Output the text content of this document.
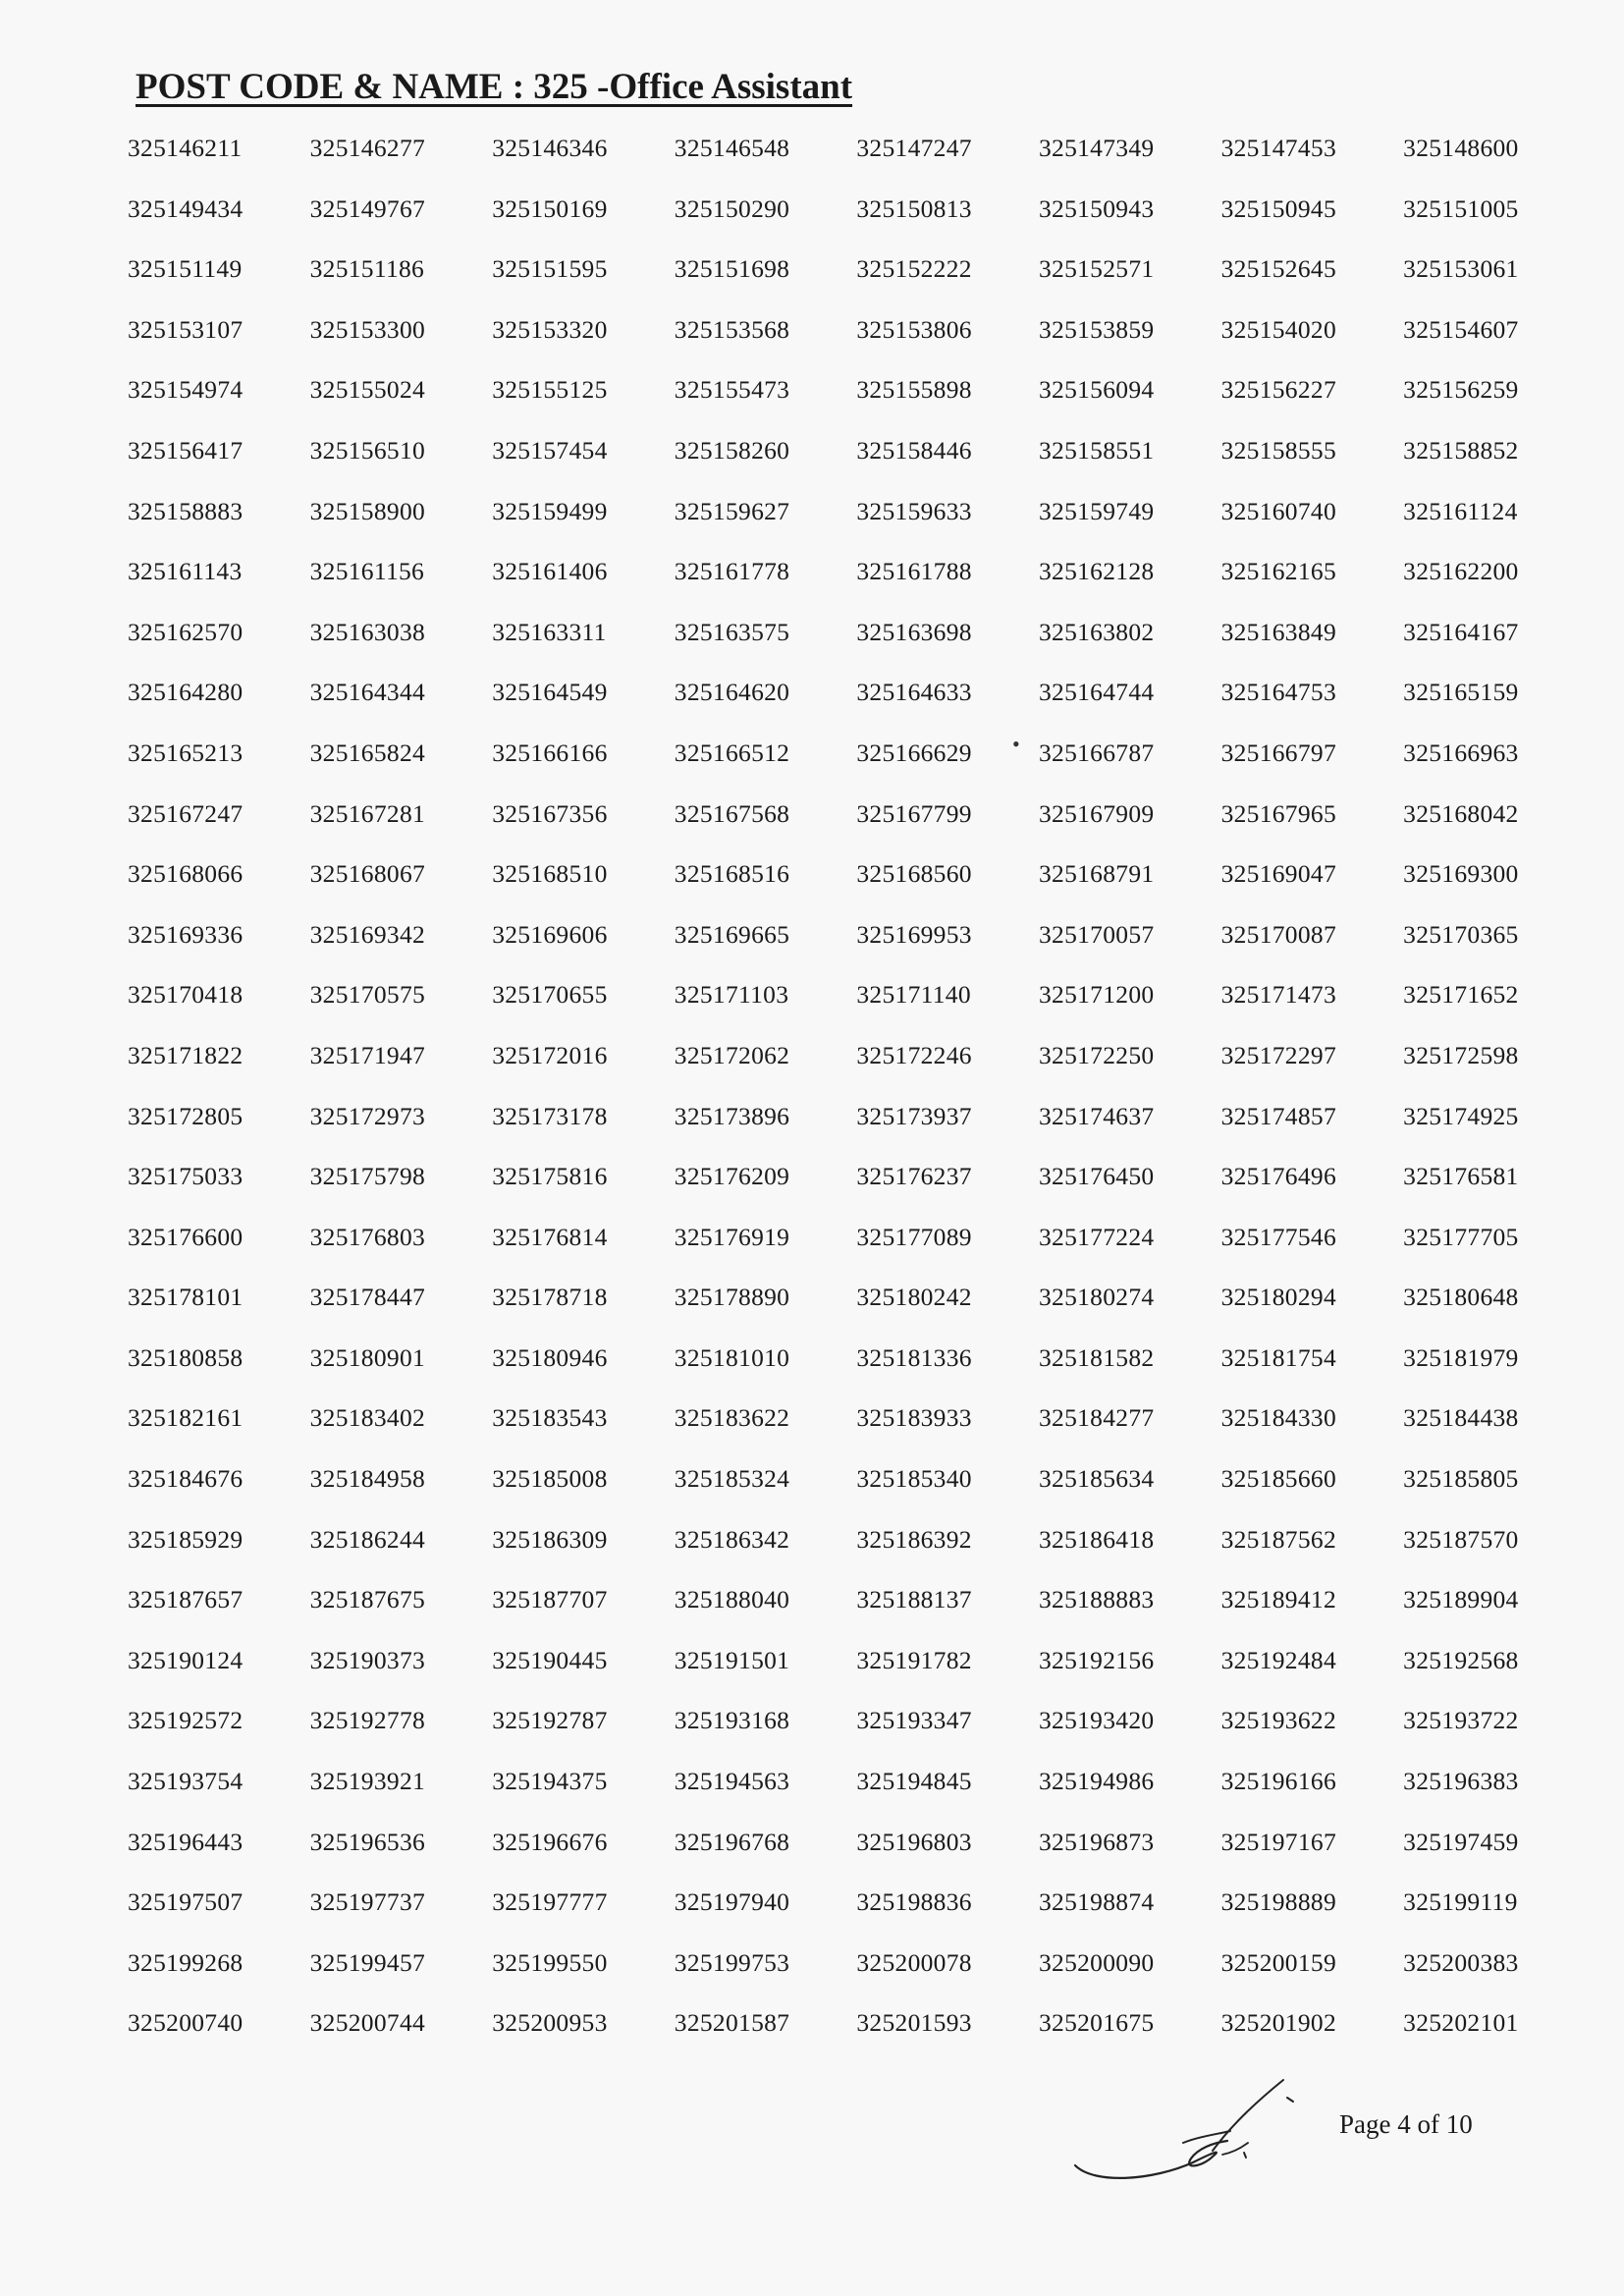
POST CODE & NAME : 325 -Office Assistant
325146211	325146277	325146346	325146548	325147247	325147349	325147453	325148600
325149434	325149767	325150169	325150290	325150813	325150943	325150945	325151005
325151149	325151186	325151595	325151698	325152222	325152571	325152645	325153061
325153107	325153300	325153320	325153568	325153806	325153859	325154020	325154607
325154974	325155024	325155125	325155473	325155898	325156094	325156227	325156259
325156417	325156510	325157454	325158260	325158446	325158551	325158555	325158852
325158883	325158900	325159499	325159627	325159633	325159749	325160740	325161124
325161143	325161156	325161406	325161778	325161788	325162128	325162165	325162200
325162570	325163038	325163311	325163575	325163698	325163802	325163849	325164167
325164280	325164344	325164549	325164620	325164633	325164744	325164753	325165159
325165213	325165824	325166166	325166512	325166629	325166787	325166797	325166963
325167247	325167281	325167356	325167568	325167799	325167909	325167965	325168042
325168066	325168067	325168510	325168516	325168560	325168791	325169047	325169300
325169336	325169342	325169606	325169665	325169953	325170057	325170087	325170365
325170418	325170575	325170655	325171103	325171140	325171200	325171473	325171652
325171822	325171947	325172016	325172062	325172246	325172250	325172297	325172598
325172805	325172973	325173178	325173896	325173937	325174637	325174857	325174925
325175033	325175798	325175816	325176209	325176237	325176450	325176496	325176581
325176600	325176803	325176814	325176919	325177089	325177224	325177546	325177705
325178101	325178447	325178718	325178890	325180242	325180274	325180294	325180648
325180858	325180901	325180946	325181010	325181336	325181582	325181754	325181979
325182161	325183402	325183543	325183622	325183933	325184277	325184330	325184438
325184676	325184958	325185008	325185324	325185340	325185634	325185660	325185805
325185929	325186244	325186309	325186342	325186392	325186418	325187562	325187570
325187657	325187675	325187707	325188040	325188137	325188883	325189412	325189904
325190124	325190373	325190445	325191501	325191782	325192156	325192484	325192568
325192572	325192778	325192787	325193168	325193347	325193420	325193622	325193722
325193754	325193921	325194375	325194563	325194845	325194986	325196166	325196383
325196443	325196536	325196676	325196768	325196803	325196873	325197167	325197459
325197507	325197737	325197777	325197940	325198836	325198874	325198889	325199119
325199268	325199457	325199550	325199753	325200078	325200090	325200159	325200383
325200740	325200744	325200953	325201587	325201593	325201675	325201902	325202101
•
Page 4 of 10
